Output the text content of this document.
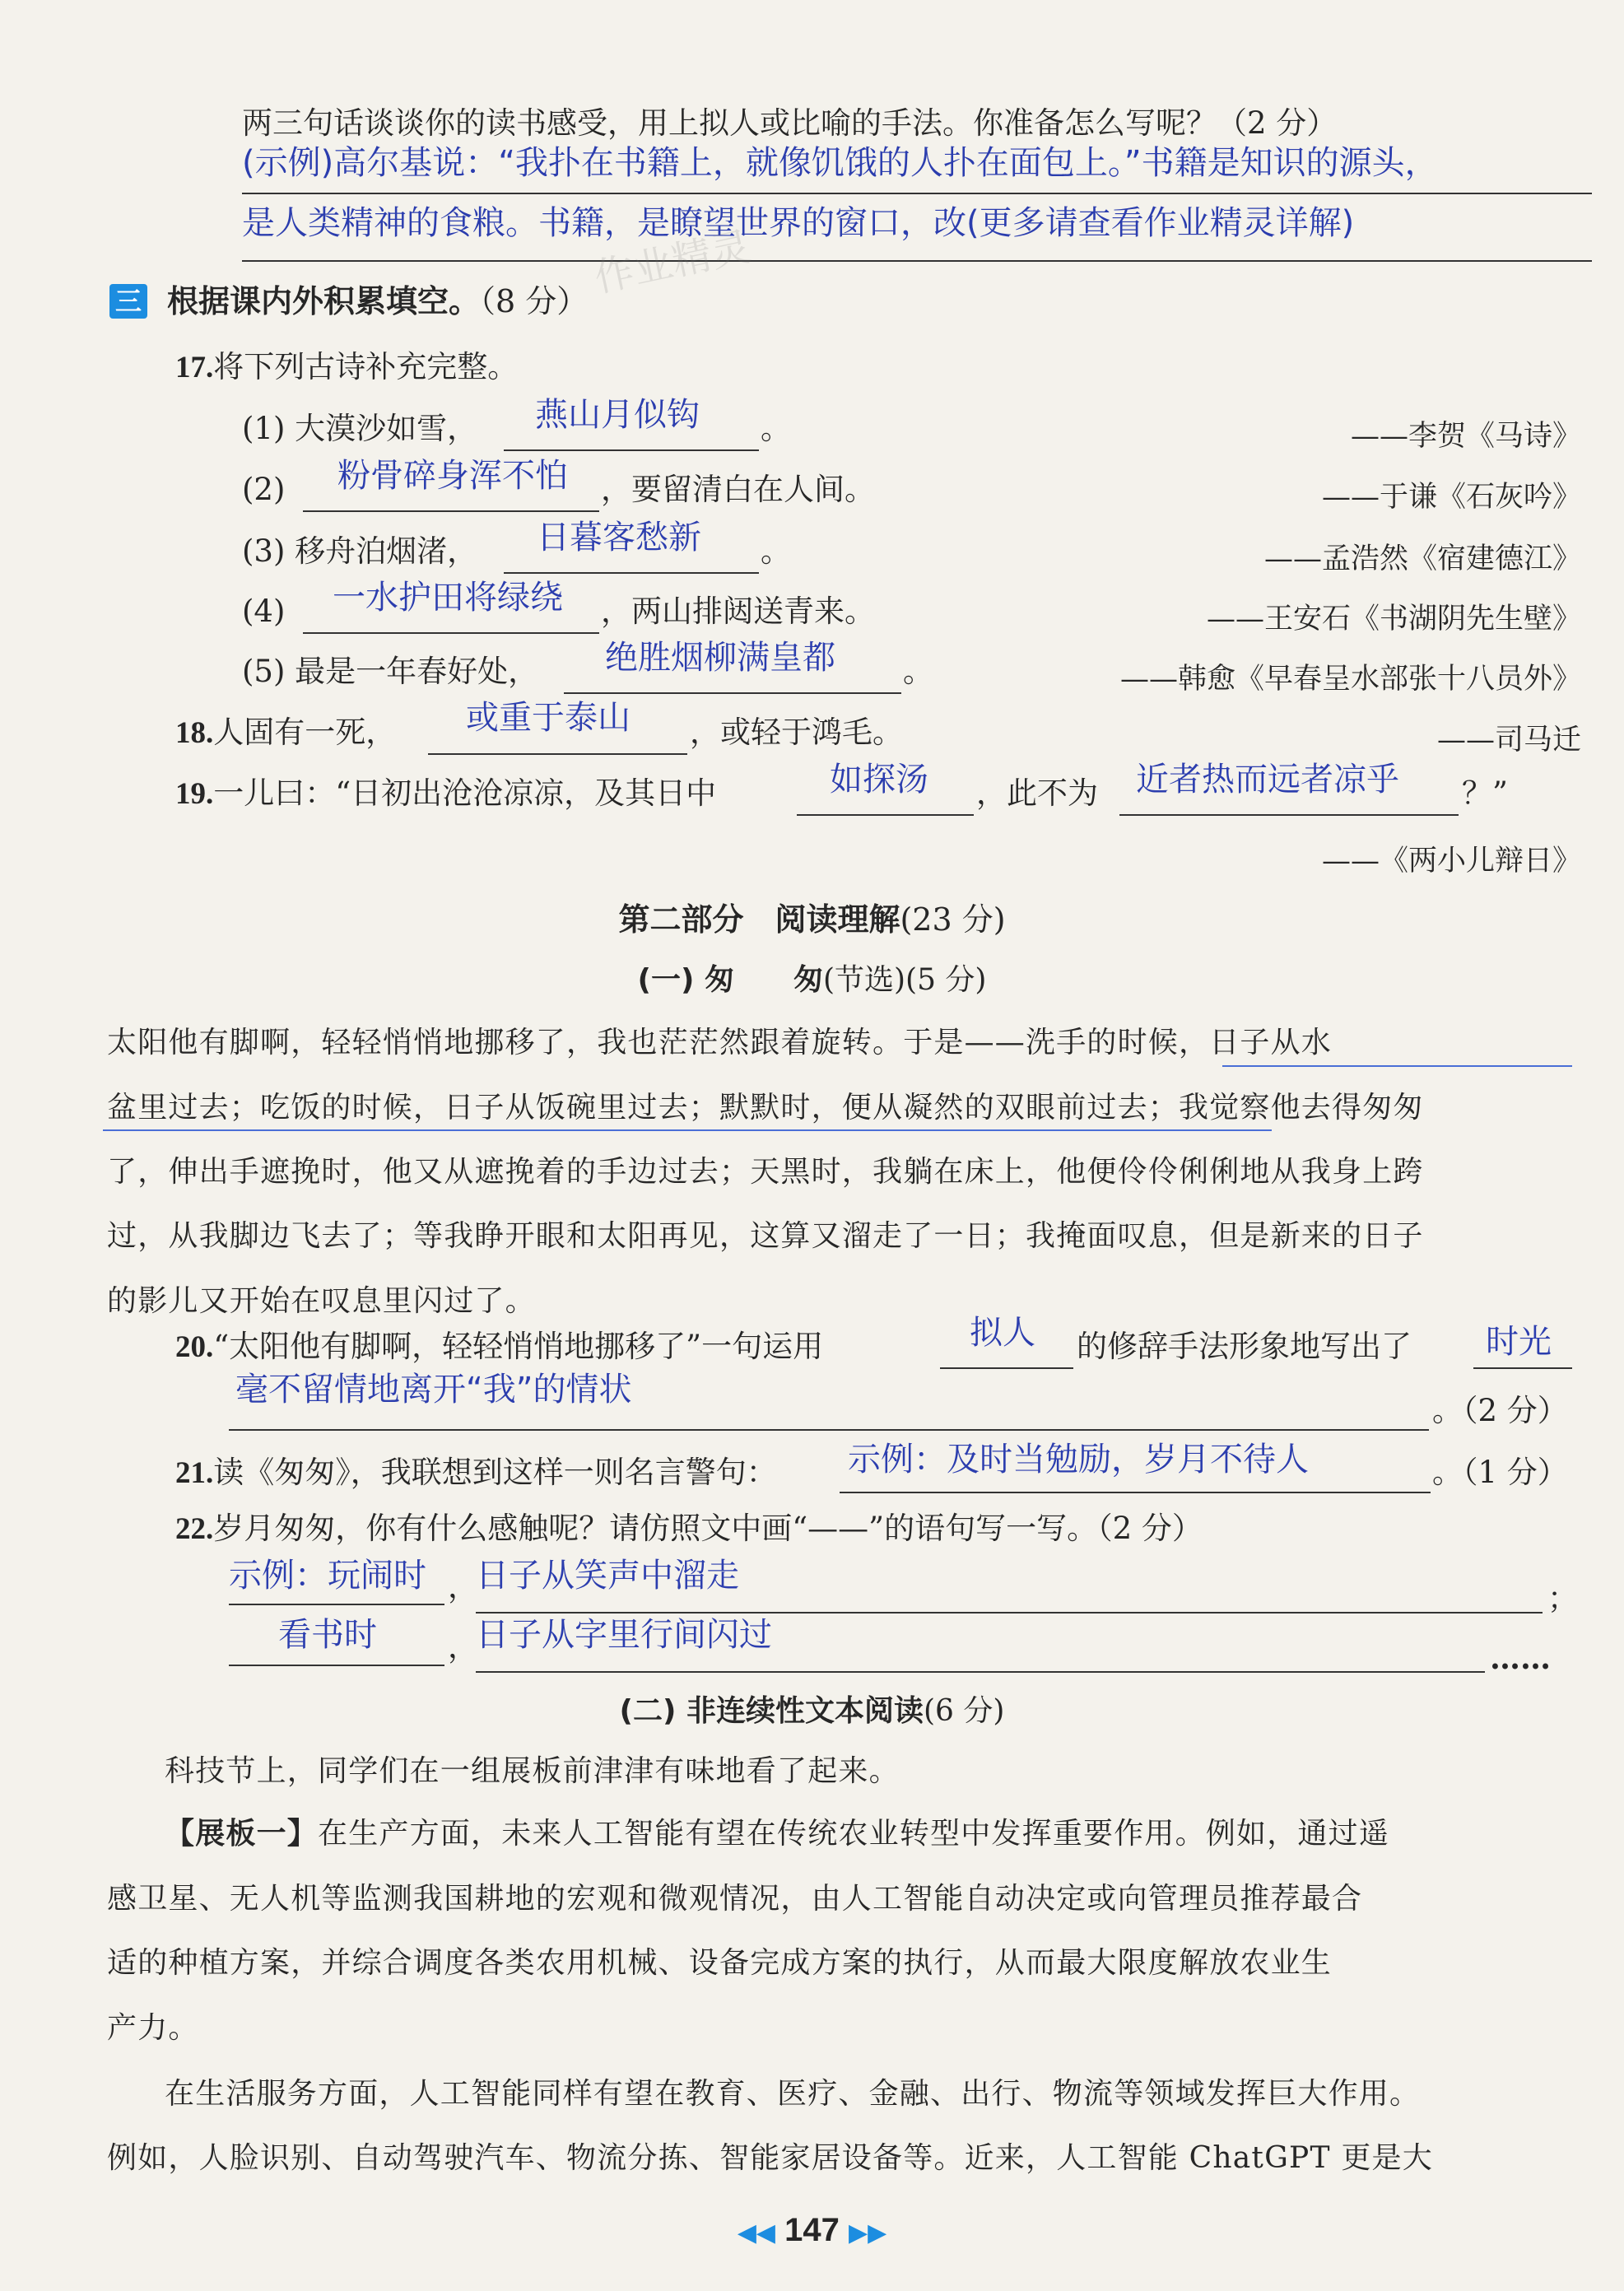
两三句话谈谈你的读书感受，用上拟人或比喻的手法。你准备怎么写呢？（2 分）
(示例)高尔基说：“我扑在书籍上，就像饥饿的人扑在面包上。”书籍是知识的源头，
是人类精神的食粮。书籍，是瞭望世界的窗口，改(更多请查看作业精灵详解)
作业精灵
三 根据课内外积累填空。（8 分）
17.将下列古诗补充完整。
(1) 大漠沙如雪，	。
燕山月似钩
——李贺《马诗》
(2)	，要留清白在人间。
粉骨碎身浑不怕
——于谦《石灰吟》
(3) 移舟泊烟渚，	。
日暮客愁新
——孟浩然《宿建德江》
(4)	，两山排闼送青来。
一水护田将绿绕
——王安石《书湖阴先生壁》
(5) 最是一年春好处，	。
绝胜烟柳满皇都
——韩愈《早春呈水部张十八员外》
18.人固有一死，	，或轻于鸿毛。
或重于泰山
——司马迁
19.一儿曰：“日初出沧沧凉凉，及其日中	，此不为	？”
如探汤	近者热而远者凉乎
——《两小儿辩日》
第二部分　阅读理解(23 分)
(一) 匆　　匆(节选)(5 分)
太阳他有脚啊，轻轻悄悄地挪移了，我也茫茫然跟着旋转。于是——洗手的时候，日子从水
盆里过去；吃饭的时候，日子从饭碗里过去；默默时，便从凝然的双眼前过去；我觉察他去得匆匆
了，伸出手遮挽时，他又从遮挽着的手边过去；天黑时，我躺在床上，他便伶伶俐俐地从我身上跨
过，从我脚边飞去了；等我睁开眼和太阳再见，这算又溜走了一日；我掩面叹息，但是新来的日子
的影儿又开始在叹息里闪过了。
20.“太阳他有脚啊，轻轻悄悄地挪移了”一句运用	的修辞手法形象地写出了
拟人	时光
毫不留情地离开“我”的情状
。（2 分）
21.读《匆匆》，我联想到这样一则名言警句： 示例：及时当勉励，岁月不待人	。（1 分）
22.岁月匆匆，你有什么感触呢？请仿照文中画“——”的语句写一写。（2 分）
示例：玩闹时 ，
日子从笑声中溜走
；
看书时 ，
日子从字里行间闪过
……
(二) 非连续性文本阅读(6 分)
科技节上，同学们在一组展板前津津有味地看了起来。
【展板一】在生产方面，未来人工智能有望在传统农业转型中发挥重要作用。例如，通过遥
感卫星、无人机等监测我国耕地的宏观和微观情况，由人工智能自动决定或向管理员推荐最合
适的种植方案，并综合调度各类农用机械、设备完成方案的执行，从而最大限度解放农业生
产力。
在生活服务方面，人工智能同样有望在教育、医疗、金融、出行、物流等领域发挥巨大作用。
例如，人脸识别、自动驾驶汽车、物流分拣、智能家居设备等。近来，人工智能 ChatGPT 更是大
◀◀ 147 ▶▶
